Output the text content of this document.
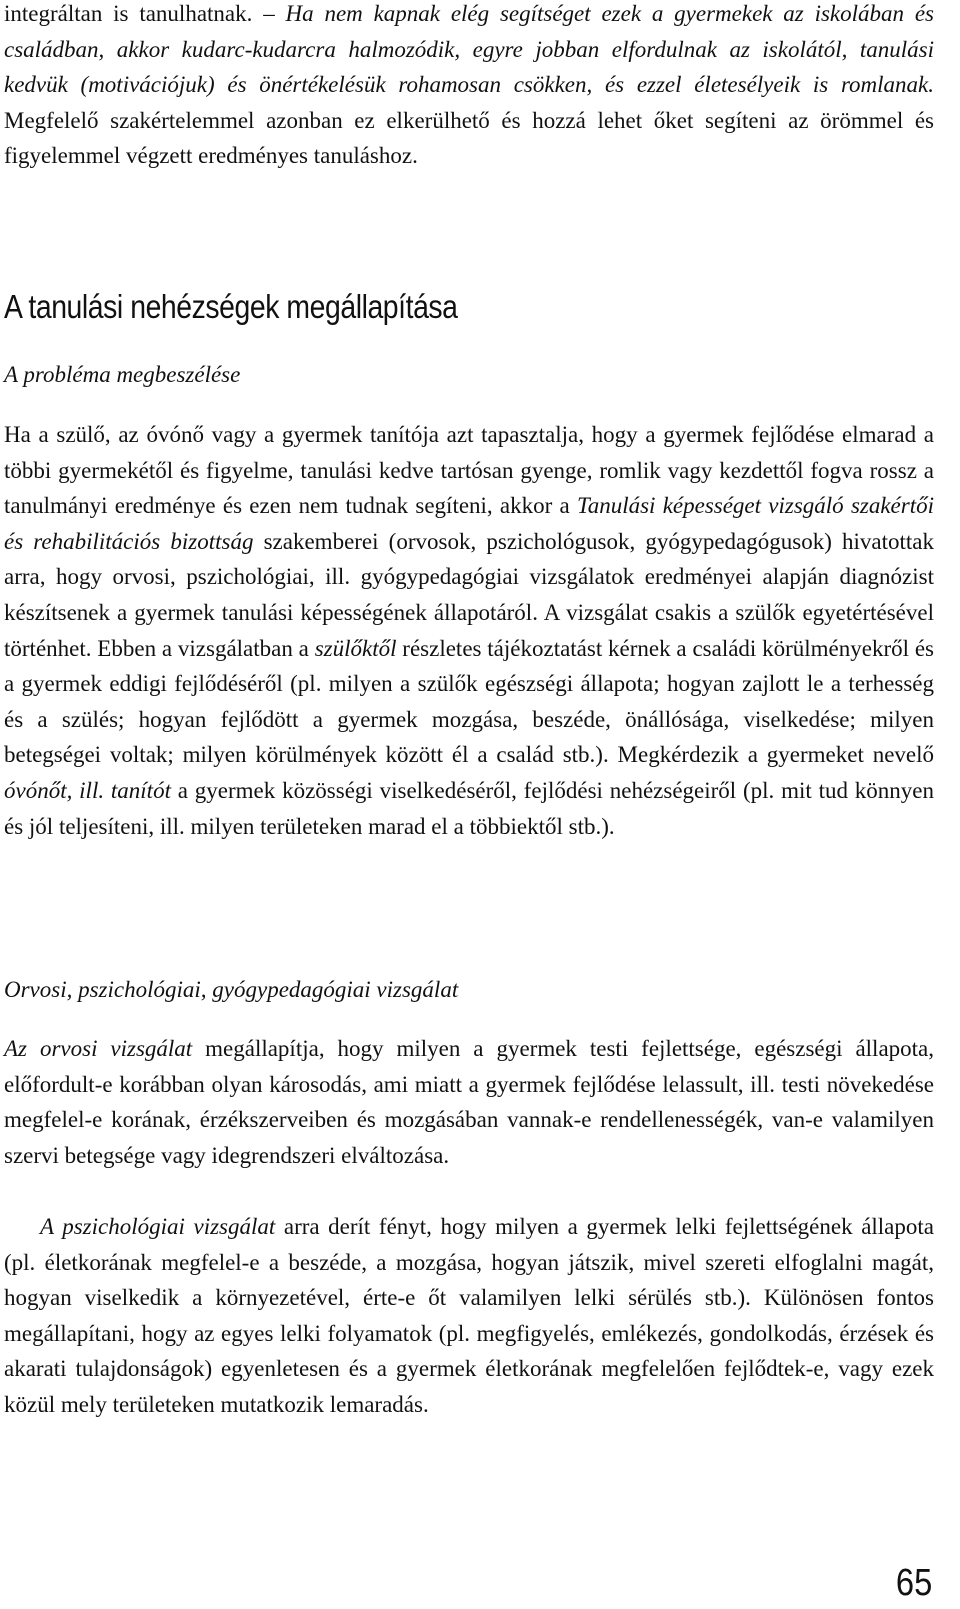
integráltan is tanulhatnak. – Ha nem kapnak elég segítséget ezek a gyermekek az iskolában és családban, akkor kudarc-kudarcra halmozódik, egyre jobban elfordulnak az iskolától, tanulási kedvük (motivációjuk) és önértékelésük rohamosan csökken, és ezzel életesélyeik is romlanak. Megfelelő szakértelemmel azonban ez elkerülhető és hozzá lehet őket segíteni az örömmel és figyelemmel végzett eredményes tanuláshoz.

A tanulási nehézségek megállapítása

A probléma megbeszélése

Ha a szülő, az óvónő vagy a gyermek tanítója azt tapasztalja, hogy a gyermek fejlődése elmarad a többi gyermekétől és figyelme, tanulási kedve tartósan gyenge, romlik vagy kezdettől fogva rossz a tanulmányi eredménye és ezen nem tudnak segíteni, akkor a Tanulási képességet vizsgáló szakértői és rehabilitációs bizottság szakemberei (orvosok, pszichológusok, gyógypedagógusok) hivatottak arra, hogy orvosi, pszichológiai, ill. gyógypedagógiai vizsgálatok eredményei alapján diagnózist készítsenek a gyermek tanulási képességének állapotáról. A vizsgálat csakis a szülők egyetértésével történhet. Ebben a vizsgálatban a szülőktől részletes tájékoztatást kérnek a családi körülményekről és a gyermek eddigi fejlődéséről (pl. milyen a szülők egészségi állapota; hogyan zajlott le a terhesség és a szülés; hogyan fejlődött a gyermek mozgása, beszéde, önállósága, viselkedése; milyen betegségei voltak; milyen körülmények között él a család stb.). Megkérdezik a gyermeket nevelő óvónőt, ill. tanítót a gyermek közösségi viselkedéséről, fejlődési nehézségeiről (pl. mit tud könnyen és jól teljesíteni, ill. milyen területeken marad el a többiektől stb.).

Orvosi, pszichológiai, gyógypedagógiai vizsgálat

Az orvosi vizsgálat megállapítja, hogy milyen a gyermek testi fejlettsége, egészségi állapota, előfordult-e korábban olyan károsodás, ami miatt a gyermek fejlődése lelassult, ill. testi növekedése megfelel-e korának, érzékszerveiben és mozgásában vannak-e rendellenességék, van-e valamilyen szervi betegsége vagy idegrendszeri elváltozása.

A pszichológiai vizsgálat arra derít fényt, hogy milyen a gyermek lelki fejlettségének állapota (pl. életkorának megfelel-e a beszéde, a mozgása, hogyan játszik, mivel szereti elfoglalni magát, hogyan viselkedik a környezetével, érte-e őt valamilyen lelki sérülés stb.). Különösen fontos megállapítani, hogy az egyes lelki folyamatok (pl. megfigyelés, emlékezés, gondolkodás, érzések és akarati tulajdonságok) egyenletesen és a gyermek életkorának megfelelően fejlődtek-e, vagy ezek közül mely területeken mutatkozik lemaradás.

65
